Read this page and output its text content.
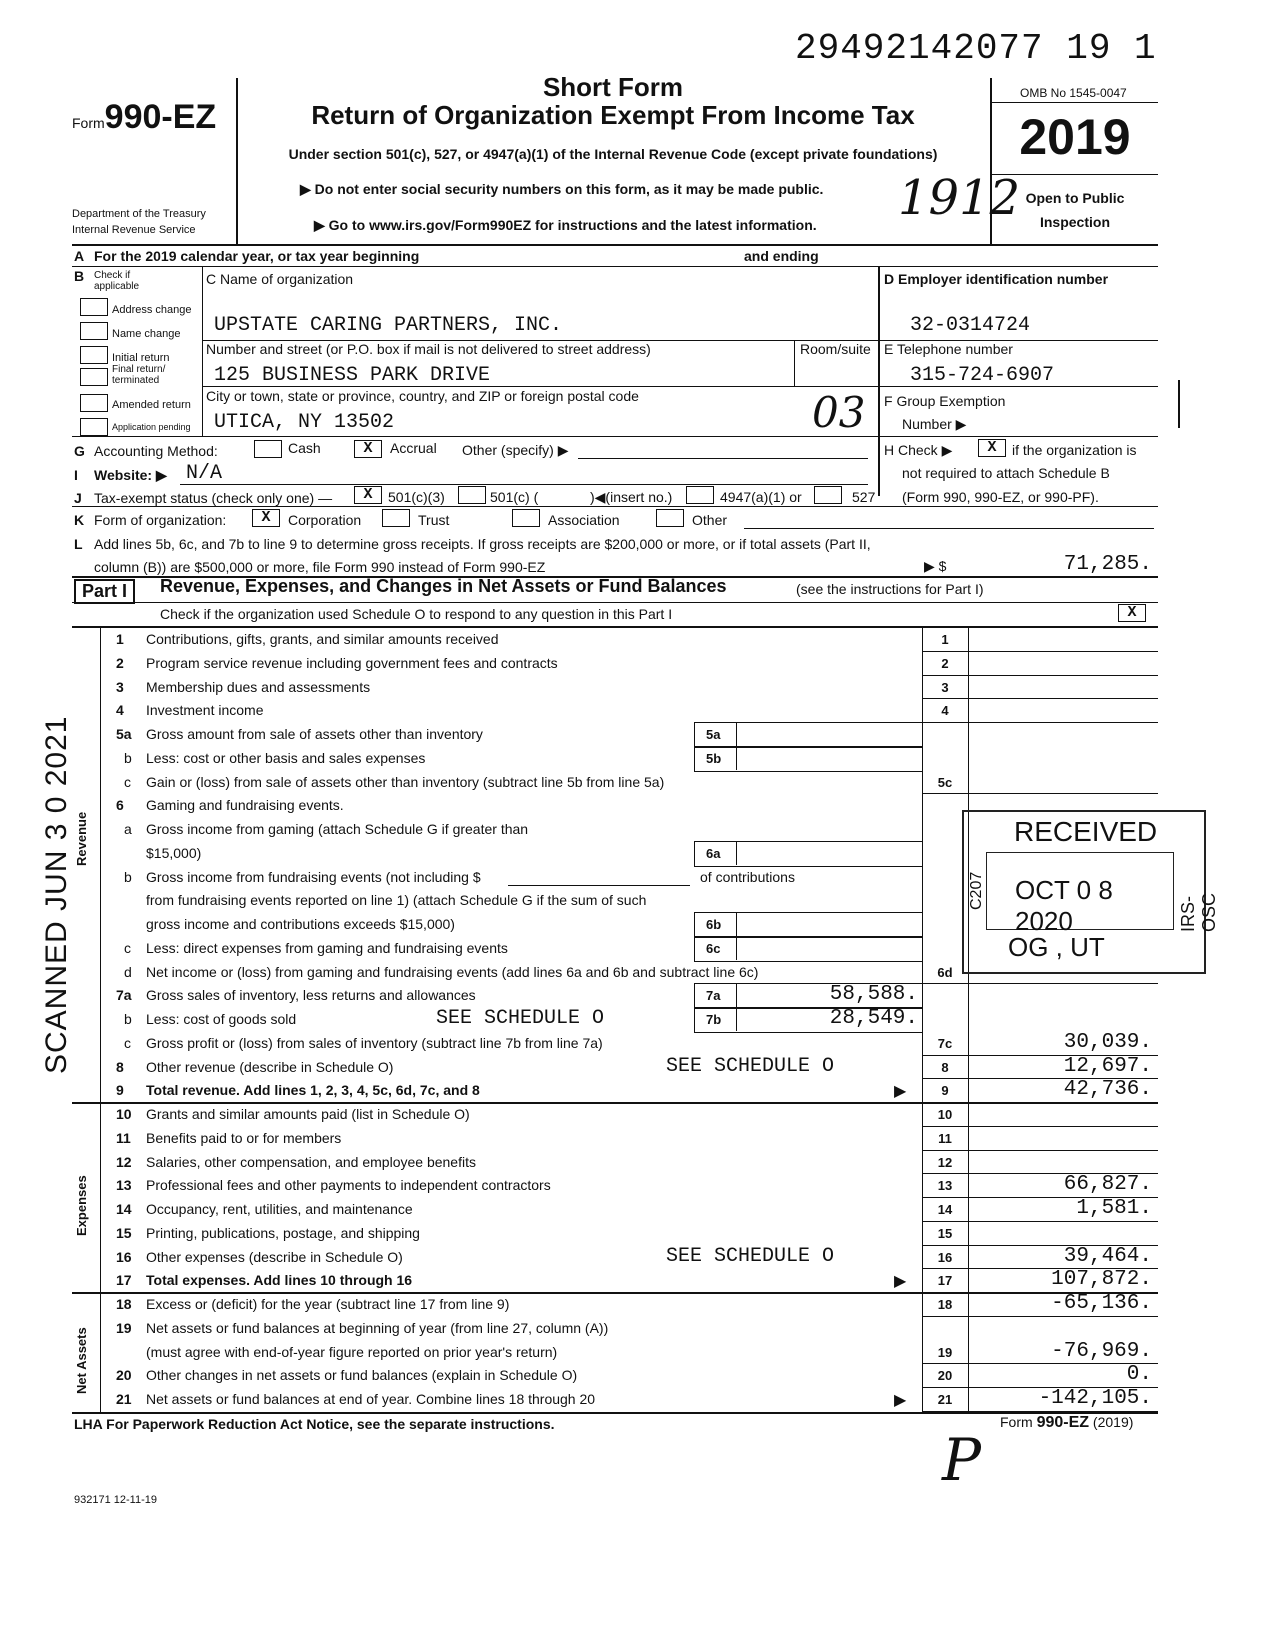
29492142077 19 1
Form990-EZ
Department of the Treasury
Internal Revenue Service
Short Form
Return of Organization Exempt From Income Tax
Under section 501(c), 527, or 4947(a)(1) of the Internal Revenue Code (except private foundations)
▶ Do not enter social security numbers on this form, as it may be made public.
▶ Go to www.irs.gov/Form990EZ for instructions and the latest information. 1912
OMB No 1545-0047
2019
Open to Public
Inspection
A For the 2019 calendar year, or tax year beginning	and ending
B Check if applicable
Address change
Name change
Initial return
Final return/ terminated
Amended return
Application pending
C Name of organization
UPSTATE CARING PARTNERS, INC.
Number and street (or P.O. box if mail is not delivered to street address)	Room/suite
125 BUSINESS PARK DRIVE
City or town, state or province, country, and ZIP or foreign postal code
UTICA, NY 13502	03
D Employer identification number
32-0314724
E Telephone number
315-724-6907
F Group Exemption
Number ▶
G Accounting Method:	Cash	X	Accrual Other (specify) ▶	H Check ▶	X	if the organization is
not required to attach Schedule B
(Form 990, 990-EZ, or 990-PF).
I Website: ▶ N/A
J Tax-exempt status (check only one) —	X	501(c)(3)	501(c) (	)◀(insert no.)	4947(a)(1) or	527
K Form of organization:	X	Corporation	Trust	Association	Other
L Add lines 5b, 6c, and 7b to line 9 to determine gross receipts. If gross receipts are $200,000 or more, or if total assets (Part II,
column (B)) are $500,000 or more, file Form 990 instead of Form 990-EZ	▶ $	71,285.
Part I	Revenue, Expenses, and Changes in Net Assets or Fund Balances	(see the instructions for Part I)
Check if the organization used Schedule O to respond to any question in this Part I	X
Revenue
Expenses
Net Assets
1 Contributions, gifts, grants, and similar amounts received	1
2 Program service revenue including government fees and contracts	2
3 Membership dues and assessments	3
4 Investment income	4
5a Gross amount from sale of assets other than inventory	5a
b Less: cost or other basis and sales expenses	5b
c Gain or (loss) from sale of assets other than inventory (subtract line 5b from line 5a)	5c
6 Gaming and fundraising events.
a Gross income from gaming (attach Schedule G if greater than
$15,000)	6a
b Gross income from fundraising events (not including $	of contributions
from fundraising events reported on line 1) (attach Schedule G if the sum of such
gross income and contributions exceeds $15,000)	6b
c Less: direct expenses from gaming and fundraising events	6c
d Net income or (loss) from gaming and fundraising events (add lines 6a and 6b and subtract line 6c)	6d
7a Gross sales of inventory, less returns and allowances	7a	58,588.
b Less: cost of goods sold	SEE SCHEDULE O	7b	28,549.
c Gross profit or (loss) from sales of inventory (subtract line 7b from line 7a)	7c	30,039.
8 Other revenue (describe in Schedule O)	SEE SCHEDULE O	8	12,697.
9 Total revenue. Add lines 1, 2, 3, 4, 5c, 6d, 7c, and 8	▶	9	42,736.
10 Grants and similar amounts paid (list in Schedule O)	10
11 Benefits paid to or for members	11
12 Salaries, other compensation, and employee benefits	12
13 Professional fees and other payments to independent contractors	13	66,827.
14 Occupancy, rent, utilities, and maintenance	14	1,581.
15 Printing, publications, postage, and shipping	15
16 Other expenses (describe in Schedule O)	SEE SCHEDULE O	16	39,464.
17 Total expenses. Add lines 10 through 16	▶	17	107,872.
18 Excess or (deficit) for the year (subtract line 17 from line 9)	18	-65,136.
19 Net assets or fund balances at beginning of year (from line 27, column (A))
(must agree with end-of-year figure reported on prior year's return)	19	-76,969.
20 Other changes in net assets or fund balances (explain in Schedule O)	20	0.
21 Net assets or fund balances at end of year. Combine lines 18 through 20	▶	21	-142,105.
LHA For Paperwork Reduction Act Notice, see the separate instructions.	Form 990-EZ (2019)
932171 12-11-19
P
SCANNED JUN 3 0 2021	RECEIVED
OCT 0 8 2020
C207
IRS-OSC
OG , UT
